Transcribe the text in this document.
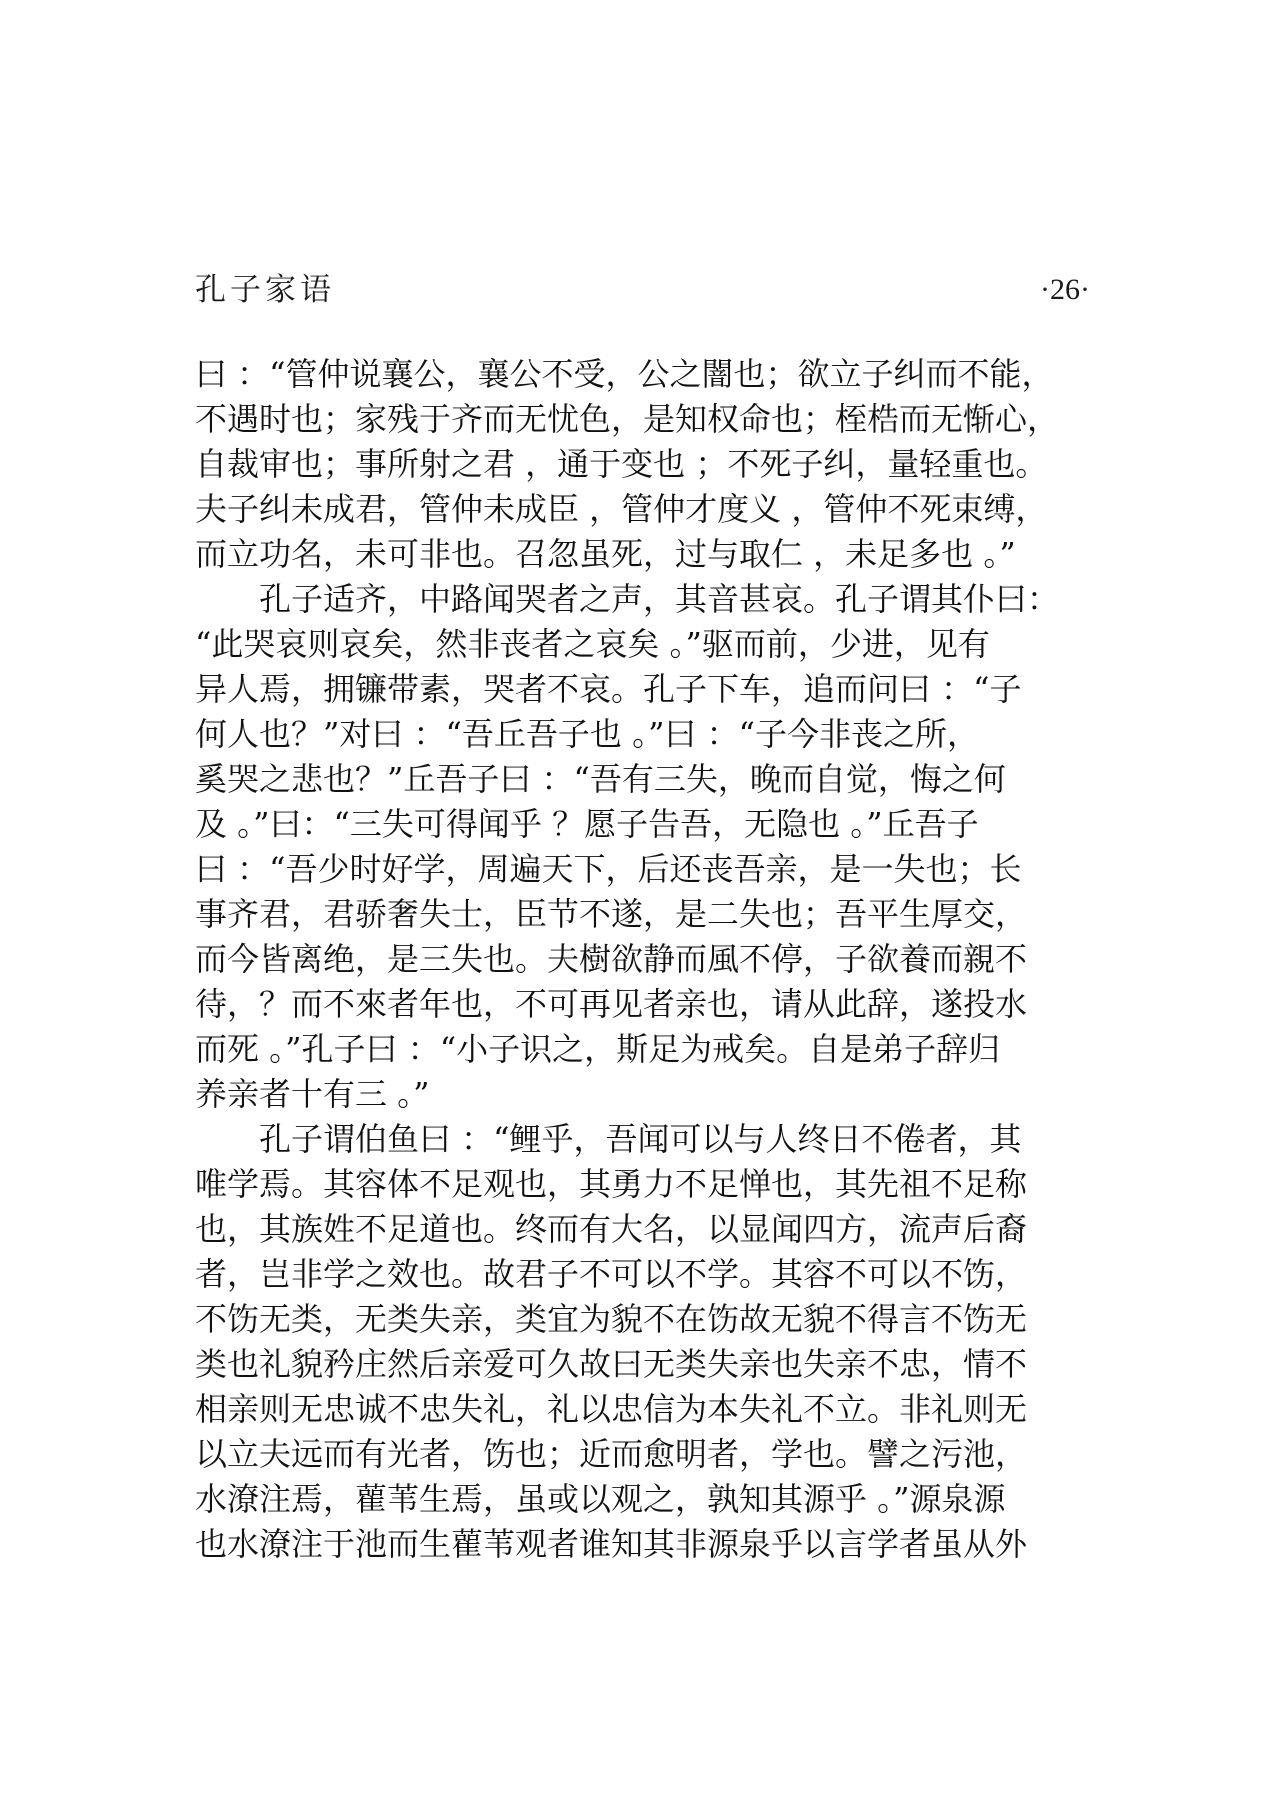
孔子家语	·26·
曰 ：“管仲说襄公，襄公不受，公之闇也；欲立子纠而不能，
不遇时也；家残于齐而无忧色，是知权命也；桎梏而无惭心，
自裁审也；事所射之君 ，通于变也 ；不死子纠，量轻重也。
夫子纠未成君，管仲未成臣 ，管仲才度义 ，管仲不死束缚，
而立功名，未可非也。召忽虽死，过与取仁 ，未足多也 。”
孔子适齐，中路闻哭者之声，其音甚哀。孔子谓其仆曰：
“此哭哀则哀矣，然非丧者之哀矣 。”驱而前，少进，见有
异人焉，拥镰带素，哭者不哀。孔子下车，追而问曰 ：“子
何人也？”对曰 ：“吾丘吾子也 。”曰 ：“子今非丧之所，
奚哭之悲也？”丘吾子曰 ：“吾有三失，晚而自觉，悔之何
及 。”曰：“三失可得闻乎 ？愿子告吾，无隐也 。”丘吾子
曰 ：“吾少时好学，周遍天下，后还丧吾亲，是一失也；长
事齐君，君骄奢失士，臣节不遂，是二失也；吾平生厚交，
而今皆离绝，是三失也。夫樹欲静而風不停，子欲養而親不
待，？而不來者年也，不可再见者亲也，请从此辞，遂投水
而死 。”孔子曰 ：“小子识之，斯足为戒矣。自是弟子辞归
养亲者十有三 。”
孔子谓伯鱼曰 ：“鲤乎，吾闻可以与人终日不倦者，其
唯学焉。其容体不足观也，其勇力不足惮也，其先祖不足称
也，其族姓不足道也。终而有大名，以显闻四方，流声后裔
者，岂非学之效也。故君子不可以不学。其容不可以不饬，
不饬无类，无类失亲，类宜为貌不在饬故无貌不得言不饬无
类也礼貌矜庄然后亲爱可久故曰无类失亲也失亲不忠，情不
相亲则无忠诚不忠失礼，礼以忠信为本失礼不立。非礼则无
以立夫远而有光者，饬也；近而愈明者，学也。譬之污池，
水潦注焉，雚苇生焉，虽或以观之，孰知其源乎 。”源泉源
也水潦注于池而生雚苇观者谁知其非源泉乎以言学者虽从外
